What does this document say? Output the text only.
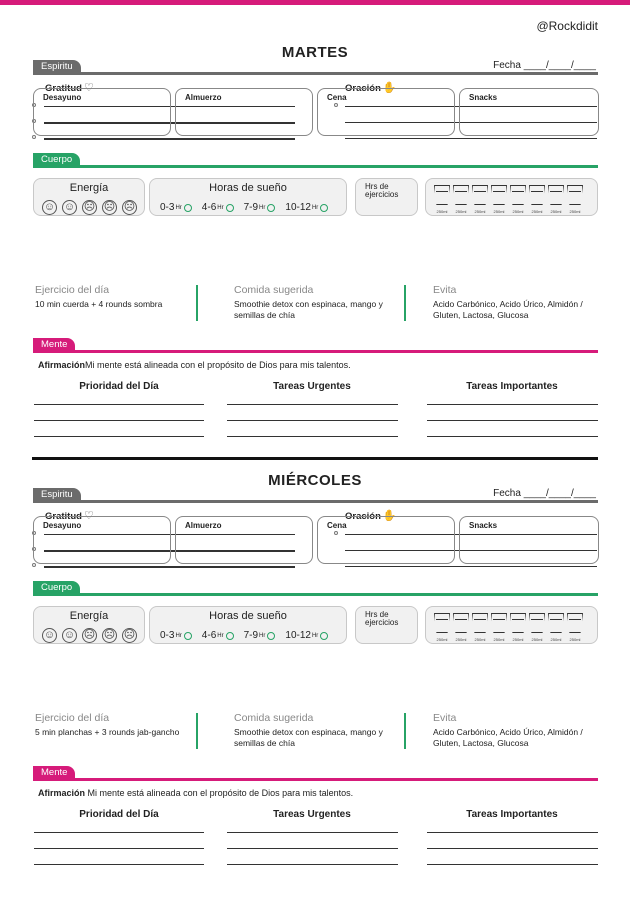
@Rockdidit
MARTES
Fecha ____/____/____
Espiritu
Gratitud ♡	Oración ✋
Cuerpo
Energía
☺ ☺ ☹ ☹ ☹
Horas de sueño
0-3 Hr 4-6 Hr 7-9 Hr 10-12 Hr
Hrs de ejercicios
250ml 250ml 250ml 250ml 250ml 250ml 250ml 250ml
Desayuno	Almuerzo	Cena	Snacks
Ejercicio del día
10 min cuerda + 4 rounds sombra
Comida sugerida
Smoothie detox con espinaca, mango y semillas de chía
Evita
Acido Carbónico, Acido Úrico, Almidón / Gluten, Lactosa, Glucosa
Mente
AfirmaciónMi mente está alineada con el propósito de Dios para mis talentos.
Prioridad del Día	Tareas Urgentes	Tareas Importantes
MIÉRCOLES
Fecha ____/____/____
Espiritu
Gratitud ♡	Oración ✋
Cuerpo
Energía
☺ ☺ ☹ ☹ ☹
Horas de sueño
0-3 Hr 4-6 Hr 7-9 Hr 10-12 Hr
Hrs de ejercicios
250ml 250ml 250ml 250ml 250ml 250ml 250ml 250ml
Desayuno	Almuerzo	Cena	Snacks
Ejercicio del día
5 min planchas + 3 rounds jab-gancho
Comida sugerida
Smoothie detox con espinaca, mango y semillas de chía
Evita
Acido Carbónico, Acido Úrico, Almidón / Gluten, Lactosa, Glucosa
Mente
Afirmación Mi mente está alineada con el propósito de Dios para mis talentos.
Prioridad del Día	Tareas Urgentes	Tareas Importantes
